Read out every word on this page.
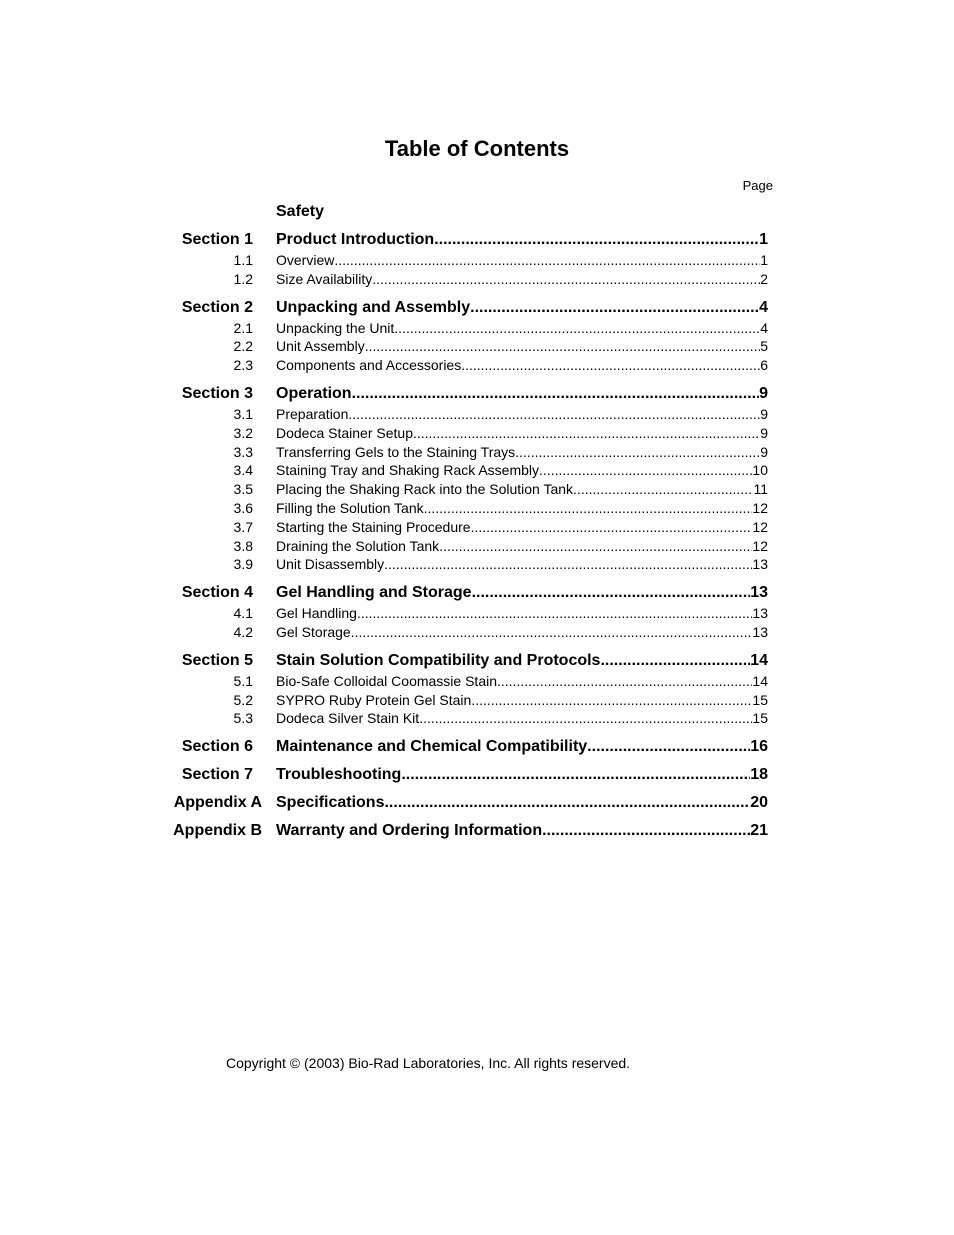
Table of Contents
Page
Safety
Section 1 Product Introduction .....	1
1.1 Overview .....	1
1.2 Size Availability .....	2
Section 2 Unpacking and Assembly .....	4
2.1 Unpacking the Unit .....	4
2.2 Unit Assembly .....	5
2.3 Components and Accessories .....	6
Section 3 Operation .....	9
3.1 Preparation .....	9
3.2 Dodeca Stainer Setup .....	9
3.3 Transferring Gels to the Staining Trays .....	9
3.4 Staining Tray and Shaking Rack Assembly .....	10
3.5 Placing the Shaking Rack into the Solution Tank .....	11
3.6 Filling the Solution Tank .....	12
3.7 Starting the Staining Procedure .....	12
3.8 Draining the Solution Tank .....	12
3.9 Unit Disassembly .....	13
Section 4 Gel Handling and Storage .....	13
4.1 Gel Handling .....	13
4.2 Gel Storage .....	13
Section 5 Stain Solution Compatibility and Protocols .....	14
5.1 Bio-Safe Colloidal Coomassie Stain .....	14
5.2 SYPRO Ruby Protein Gel Stain .....	15
5.3 Dodeca Silver Stain Kit .....	15
Section 6 Maintenance and Chemical Compatibility .....	16
Section 7 Troubleshooting .....	18
Appendix A Specifications .....	20
Appendix B Warranty and Ordering Information .....	21
Copyright © (2003) Bio-Rad Laboratories, Inc. All rights reserved.
